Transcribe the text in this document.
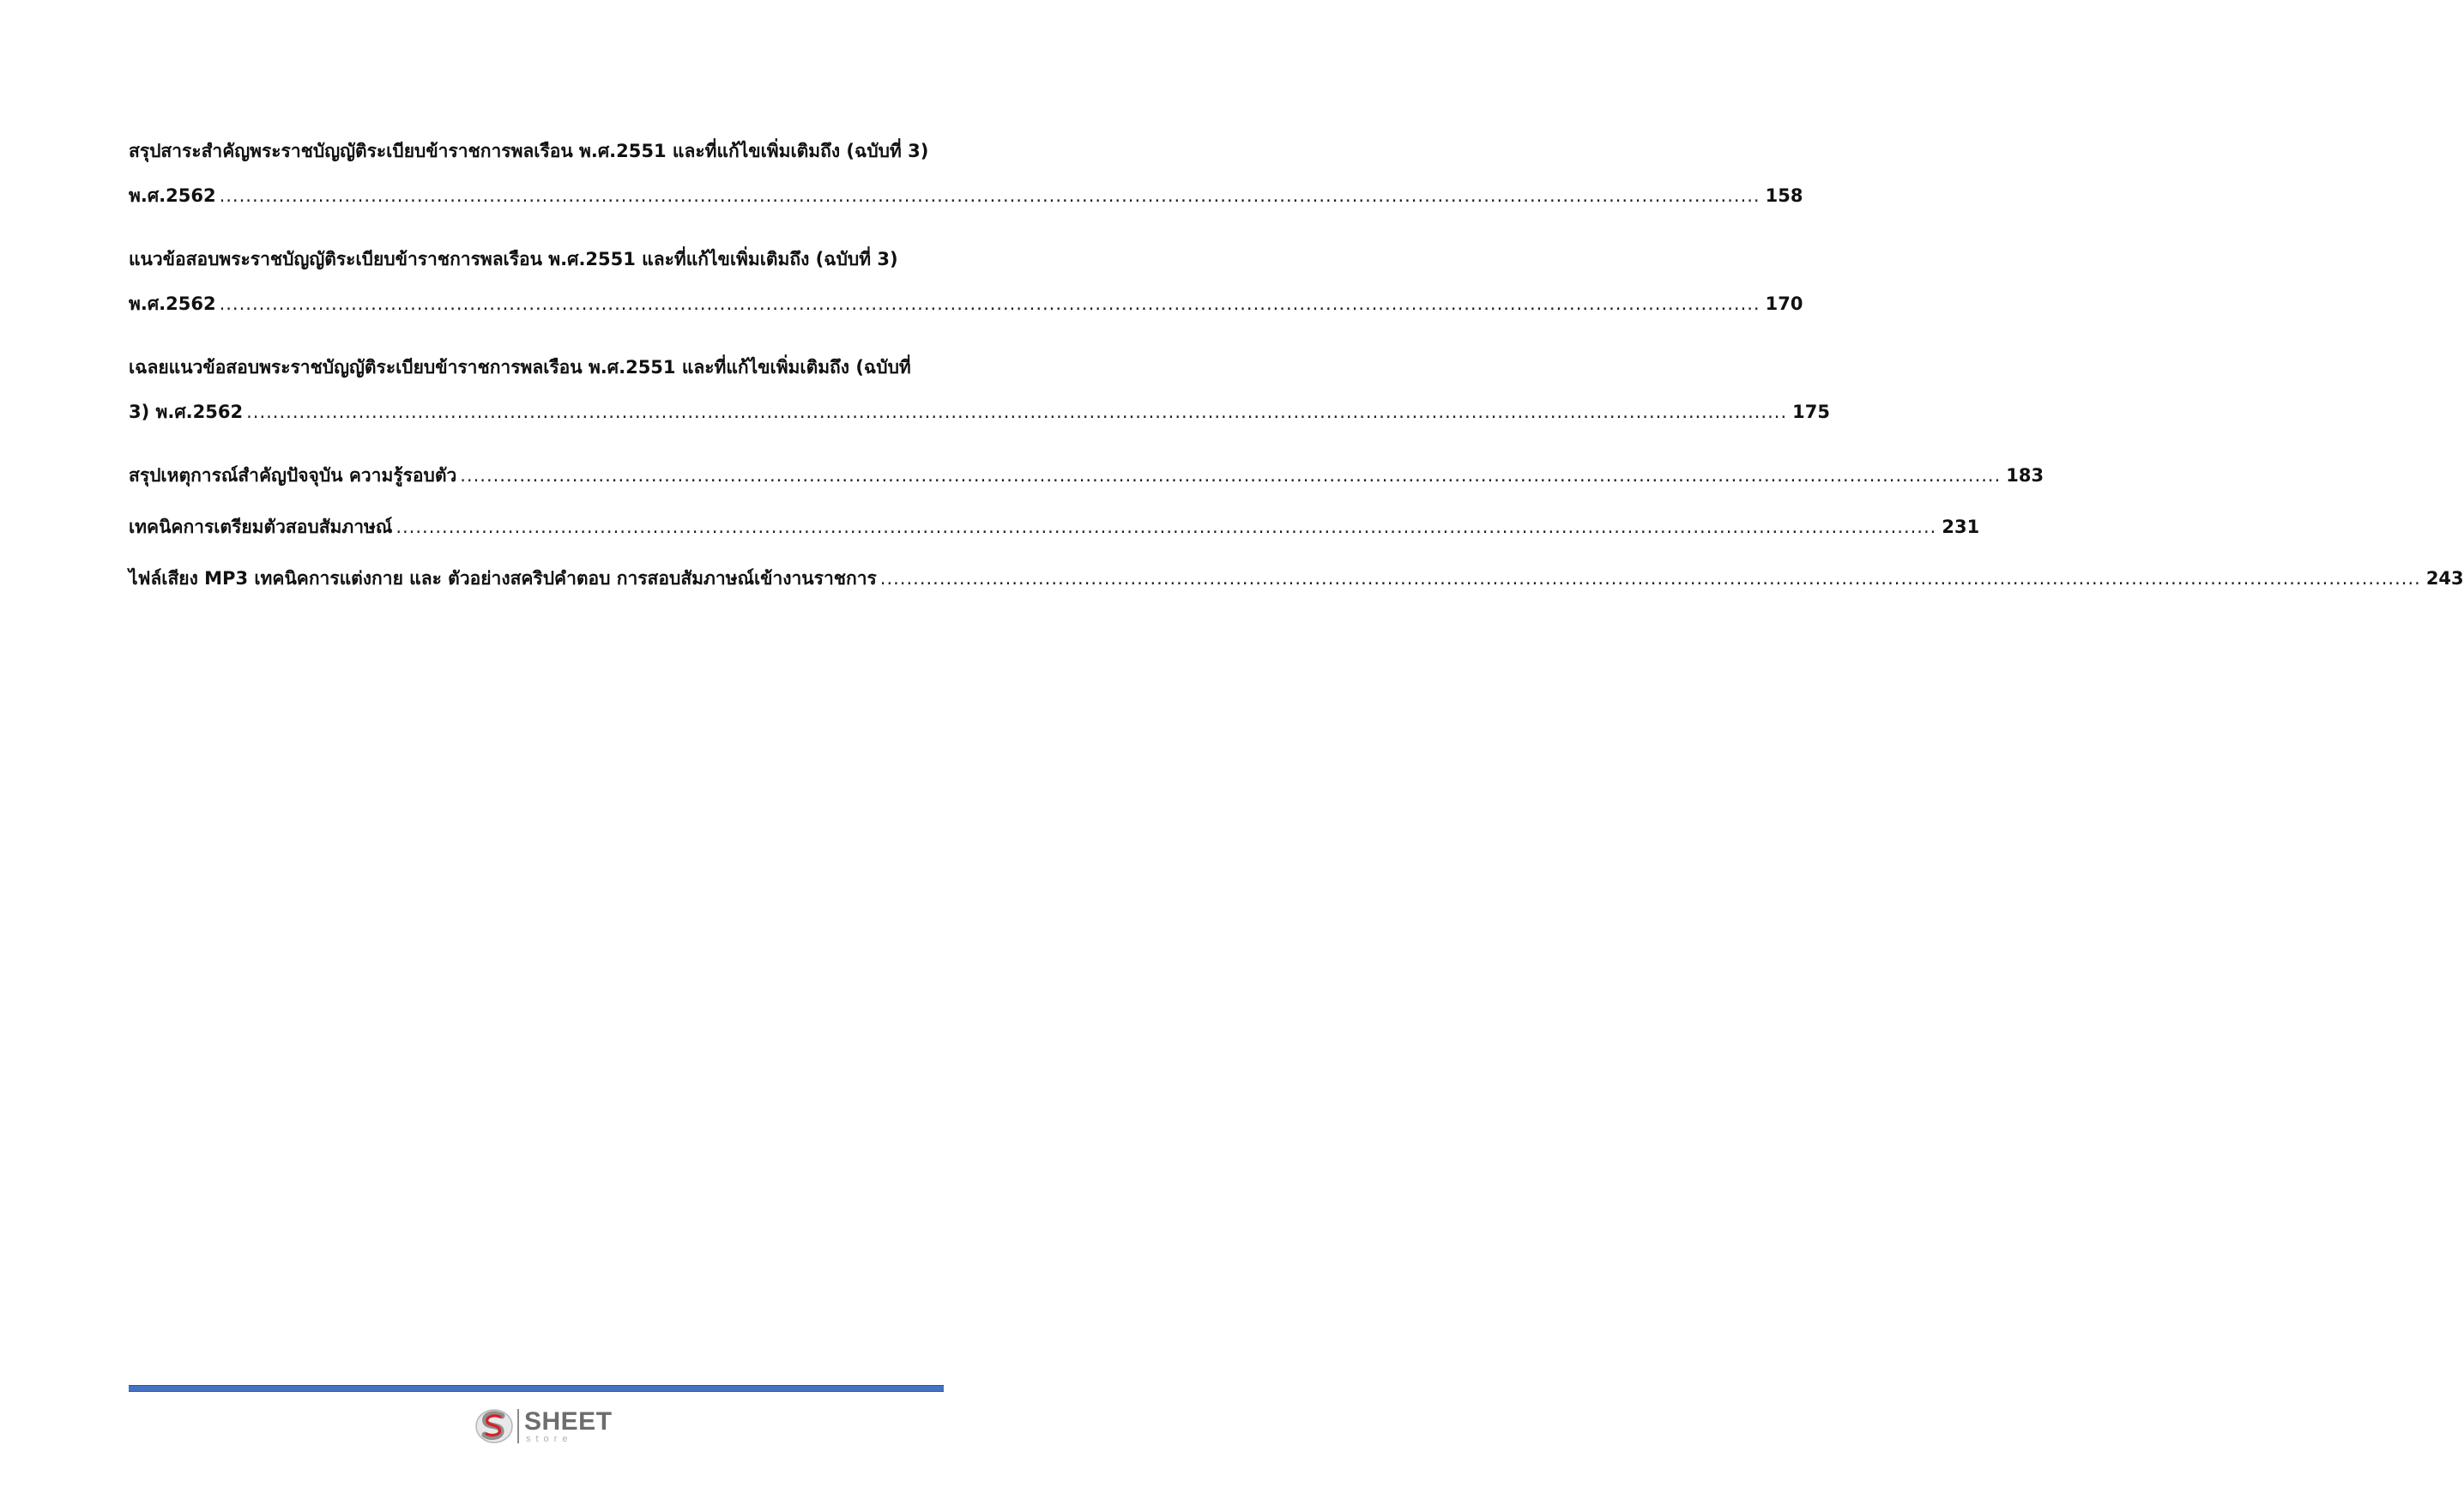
สรุปสาระสำคัญพระราชบัญญัติระเบียบข้าราชการพลเรือน พ.ศ.2551 และที่แก้ไขเพิ่มเติมถึง (ฉบับที่ 3)
พ.ศ.2562 .....	158
แนวข้อสอบพระราชบัญญัติระเบียบข้าราชการพลเรือน พ.ศ.2551 และที่แก้ไขเพิ่มเติมถึง (ฉบับที่ 3)
พ.ศ.2562 .....	170
เฉลยแนวข้อสอบพระราชบัญญัติระเบียบข้าราชการพลเรือน พ.ศ.2551 และที่แก้ไขเพิ่มเติมถึง (ฉบับที่
3) พ.ศ.2562 .....	175
สรุปเหตุการณ์สำคัญปัจจุบัน ความรู้รอบตัว .....	183
เทคนิคการเตรียมตัวสอบสัมภาษณ์ .....	231
ไฟล์เสียง MP3 เทคนิคการแต่งกาย และ ตัวอย่างสคริปคำตอบ การสอบสัมภาษณ์เข้างานราชการ .....	243
SHEET
store
